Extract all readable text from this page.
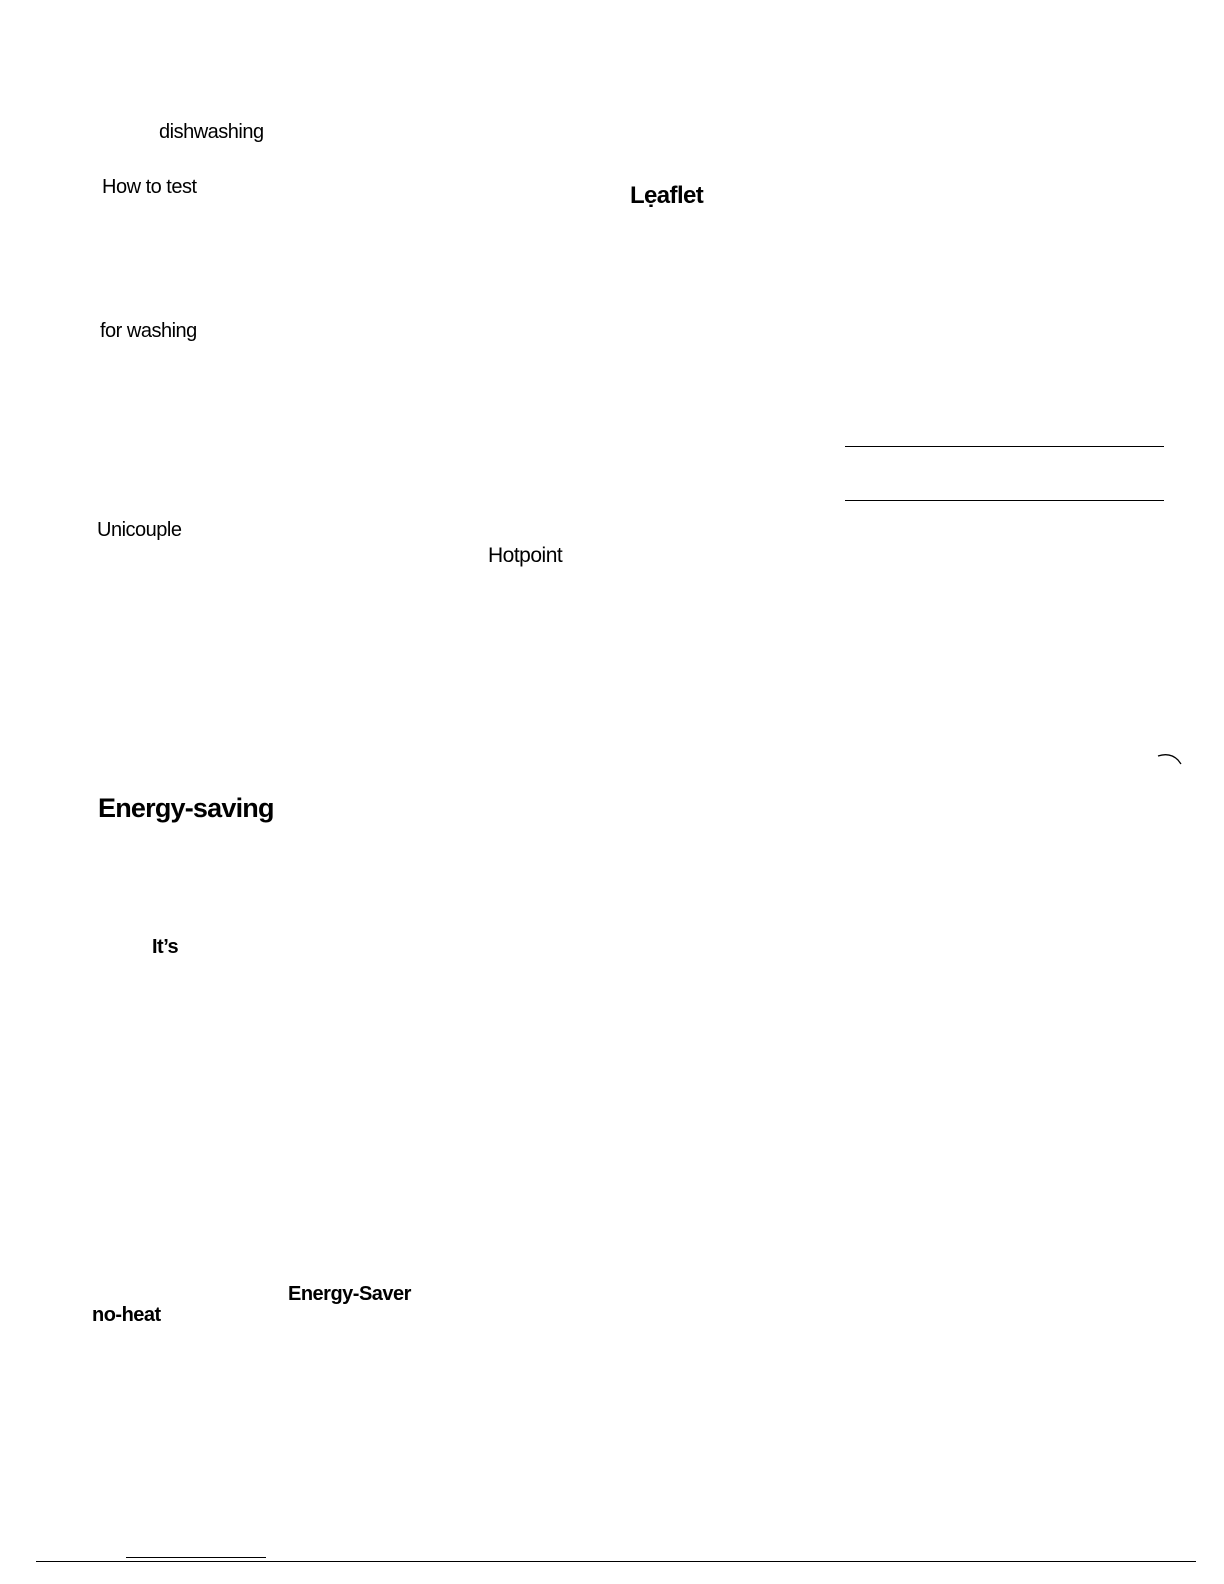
dishwashing
How to test	Lẹaflet
for washing
Unicouple
Hotpoint
Energy-saving
It’s
Energy-Saver
no-heat
